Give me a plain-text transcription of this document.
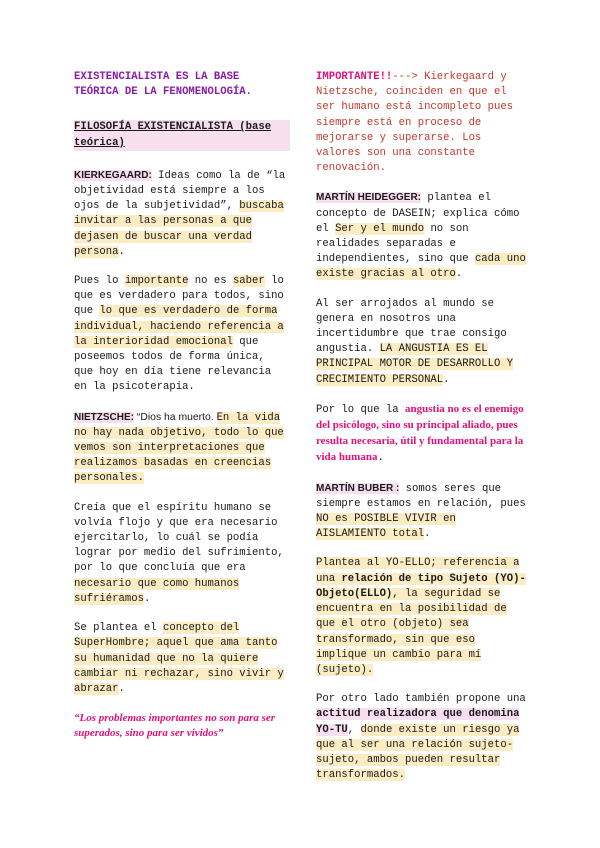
EXISTENCIALISTA ES LA BASE TEÓRICA DE LA FENOMENOLOGÍA.

FILOSOFÍA EXISTENCIALISTA (base teórica)

KIERKEGAARD: Ideas como la de “la objetividad está siempre a los ojos de la subjetividad”, buscaba invitar a las personas a que dejasen de buscar una verdad persona.

Pues lo importante no es saber lo que es verdadero para todos, sino que lo que es verdadero de forma individual, haciendo referencia a la interioridad emocional que poseemos todos de forma única, que hoy en día tiene relevancia en la psicoterapia.

NIETZSCHE: “Dios ha muerto. En la vida no hay nada objetivo, todo lo que vemos son interpretaciones que realizamos basadas en creencias personales.

Creía que el espíritu humano se volvía flojo y que era necesario ejercitarlo, lo cuál se podía lograr por medio del sufrimiento, por lo que concluía que era necesario que como humanos sufriéramos.

Se plantea el concepto del SuperHombre; aquel que ama tanto su humanidad que no la quiere cambiar ni rechazar, sino vivir y abrazar.

“Los problemas importantes no son para ser superados, sino para ser vividos”

IMPORTANTE!!---> Kierkegaard y Nietzsche, coinciden en que el ser humano está incompleto pues siempre está en proceso de mejorarse y superarse. Los valores son una constante renovación.

MARTÍN HEIDEGGER: plantea el concepto de DASEIN; explica cómo el Ser y el mundo no son realidades separadas e independientes, sino que cada uno existe gracias al otro.

Al ser arrojados al mundo se genera en nosotros una incertidumbre que trae consigo angustia. LA ANGUSTIA ES EL PRINCIPAL MOTOR DE DESARROLLO Y CRECIMIENTO PERSONAL.

Por lo que la angustia no es el enemigo del psicólogo, sino su principal aliado, pues resulta necesaria, útil y fundamental para la vida humana.

MARTÍN BUBER : somos seres que siempre estamos en relación, pues NO es POSIBLE VIVIR en AISLAMIENTO total.

Plantea al YO-ELLO; referencia a una relación de tipo Sujeto (YO)- Objeto(ELLO), la seguridad se encuentra en la posibilidad de que el otro (objeto) sea transformado, sin que eso implique un cambio para mí (sujeto).

Por otro lado también propone una actitud realizadora que denomina YO-TU, donde existe un riesgo ya que al ser una relación sujeto-sujeto, ambos pueden resultar transformados.
